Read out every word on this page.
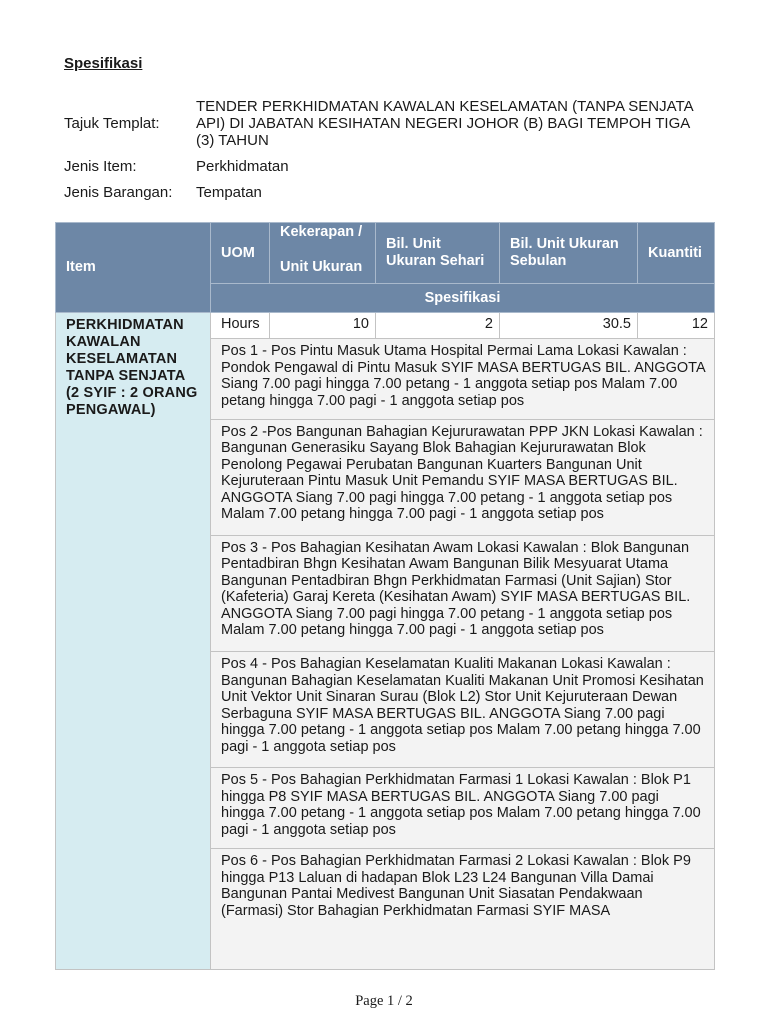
Spesifikasi
Tajuk Templat:
TENDER PERKHIDMATAN KAWALAN KESELAMATAN (TANPA SENJATA API) DI JABATAN KESIHATAN NEGERI JOHOR (B) BAGI TEMPOH TIGA (3) TAHUN
Jenis Item:	Perkhidmatan
Jenis Barangan:	Tempatan
Item	UOM	Kekerapan /
Unit Ukuran	Bil. Unit Ukuran Sehari	Bil. Unit Ukuran Sebulan	Kuantiti
	Spesifikasi				
PERKHIDMATAN KAWALAN KESELAMATAN TANPA SENJATA (2 SYIF : 2 ORANG PENGAWAL)	Hours	10	2	30.5	12
	Pos 1 - Pos Pintu Masuk Utama Hospital Permai Lama Lokasi Kawalan : Pondok Pengawal di Pintu Masuk SYIF MASA BERTUGAS BIL. ANGGOTA Siang 7.00 pagi hingga 7.00 petang - 1 anggota setiap pos Malam 7.00 petang hingga 7.00 pagi - 1 anggota setiap pos				
	Pos 2 -Pos Bangunan Bahagian Kejururawatan PPP JKN Lokasi Kawalan : Bangunan Generasiku Sayang Blok Bahagian Kejururawatan Blok Penolong Pegawai Perubatan Bangunan Kuarters Bangunan Unit Kejuruteraan Pintu Masuk Unit Pemandu SYIF MASA BERTUGAS BIL. ANGGOTA Siang 7.00 pagi hingga 7.00 petang - 1 anggota setiap pos Malam 7.00 petang hingga 7.00 pagi - 1 anggota setiap pos				
	Pos 3 - Pos Bahagian Kesihatan Awam Lokasi Kawalan : Blok Bangunan Pentadbiran Bhgn Kesihatan Awam Bangunan Bilik Mesyuarat Utama Bangunan Pentadbiran Bhgn Perkhidmatan Farmasi (Unit Sajian) Stor (Kafeteria) Garaj Kereta (Kesihatan Awam) SYIF MASA BERTUGAS BIL. ANGGOTA Siang 7.00 pagi hingga 7.00 petang - 1 anggota setiap pos Malam 7.00 petang hingga 7.00 pagi - 1 anggota setiap pos				
	Pos 4 - Pos Bahagian Keselamatan Kualiti Makanan Lokasi Kawalan : Bangunan Bahagian Keselamatan Kualiti Makanan Unit Promosi Kesihatan Unit Vektor Unit Sinaran Surau (Blok L2) Stor Unit Kejuruteraan Dewan Serbaguna SYIF MASA BERTUGAS BIL. ANGGOTA Siang 7.00 pagi hingga 7.00 petang - 1 anggota setiap pos Malam 7.00 petang hingga 7.00 pagi - 1 anggota setiap pos				
	Pos 5 - Pos Bahagian Perkhidmatan Farmasi 1 Lokasi Kawalan : Blok P1 hingga P8 SYIF MASA BERTUGAS BIL. ANGGOTA Siang 7.00 pagi hingga 7.00 petang - 1 anggota setiap pos Malam 7.00 petang hingga 7.00 pagi - 1 anggota setiap pos				
	Pos 6 - Pos Bahagian Perkhidmatan Farmasi 2 Lokasi Kawalan : Blok P9 hingga P13 Laluan di hadapan Blok L23 L24 Bangunan Villa Damai Bangunan Pantai Medivest Bangunan Unit Siasatan Pendakwaan (Farmasi) Stor Bahagian Perkhidmatan Farmasi SYIF MASA				
Page 1 / 2
